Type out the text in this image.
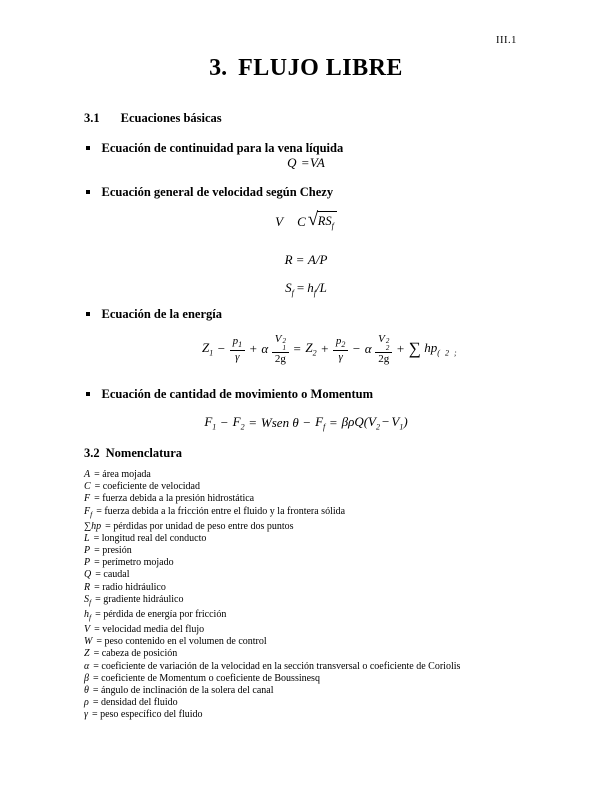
III.1
3. FLUJO LIBRE
3.1 Ecuaciones básicas
Ecuación de continuidad para la vena líquida
Q =VA
Ecuación general de velocidad según Chezy
V C √ $RS_f$
R = A/P
$S_f = h_f/L$
Ecuación de la energía
$Z_1 - \frac{p_1}{\gamma} + \alpha$ V 2
1
$2g = Z_2 + \frac{p_2}{\gamma} - \alpha$ V 2
2
2g + ∑ $hp_{( 2 ;}$
Ecuación de cantidad de movimiento o Momentum
$F_1 - F_2$ = Wsen $\theta - F_f = \beta\rho Q(V_2 - V_1)$
3.2 Nomenclatura
A = área mojada
C = coeficiente de velocidad
F = fuerza debida a la presión hidrostática
$F_f$ = fuerza debida a la fricción entre el fluido y la frontera sólida
∑hp = pérdidas por unidad de peso entre dos puntos
L = longitud real del conducto
P = presión
P = perímetro mojado
Q = caudal
R = radio hidráulico
$S_f$ = gradiente hidráulico
$h_f$ = pérdida de energía por fricción
V = velocidad media del flujo
W = peso contenido en el volumen de control
Z = cabeza de posición
α = coeficiente de variación de la velocidad en la sección transversal o coeficiente de Coriolis
β = coeficiente de Momentum o coeficiente de Boussinesq
θ = ángulo de inclinación de la solera del canal
ρ = densidad del fluido
γ = peso específico del fluido
